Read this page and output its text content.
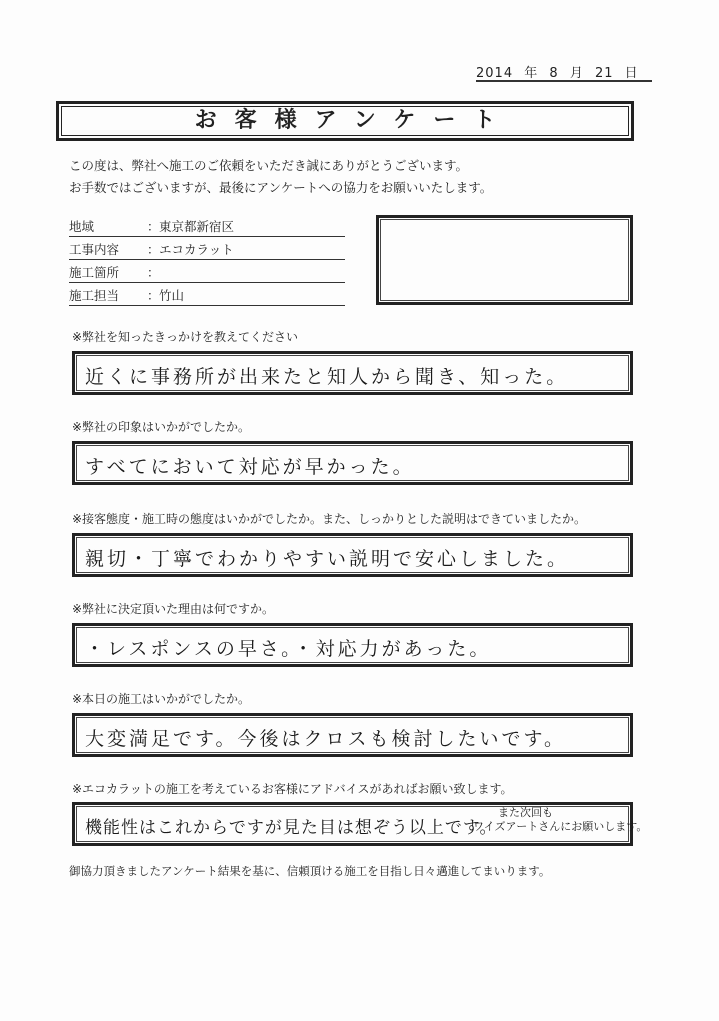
2014 年 8 月 21 日
お客様アンケート
この度は、弊社へ施工のご依頼をいただき誠にありがとうございます。
お手数ではございますが、最後にアンケートへの協力をお願いいたします。
地域	： 東京都新宿区
工事内容 ： エコカラット
施工箇所 ：
施工担当 ： 竹山
※弊社を知ったきっかけを教えてください
近くに事務所が出来たと知人から聞き、知った。
※弊社の印象はいかがでしたか。
すべてにおいて対応が早かった。
※接客態度・施工時の態度はいかがでしたか。また、しっかりとした説明はできていましたか。
親切・丁寧でわかりやすい説明で安心しました。
※弊社に決定頂いた理由は何ですか。
・レスポンスの早さ。・対応力があった。
※本日の施工はいかがでしたか。
大変満足です。今後はクロスも検討したいです。
※エコカラットの施工を考えているお客様にアドバイスがあればお願い致します。
機能性はこれからですが見た目は想ぞう以上です。
また次回も
ワイズアートさんにお願いします。
御協力頂きましたアンケート結果を基に、信頼頂ける施工を目指し日々邁進してまいります。
